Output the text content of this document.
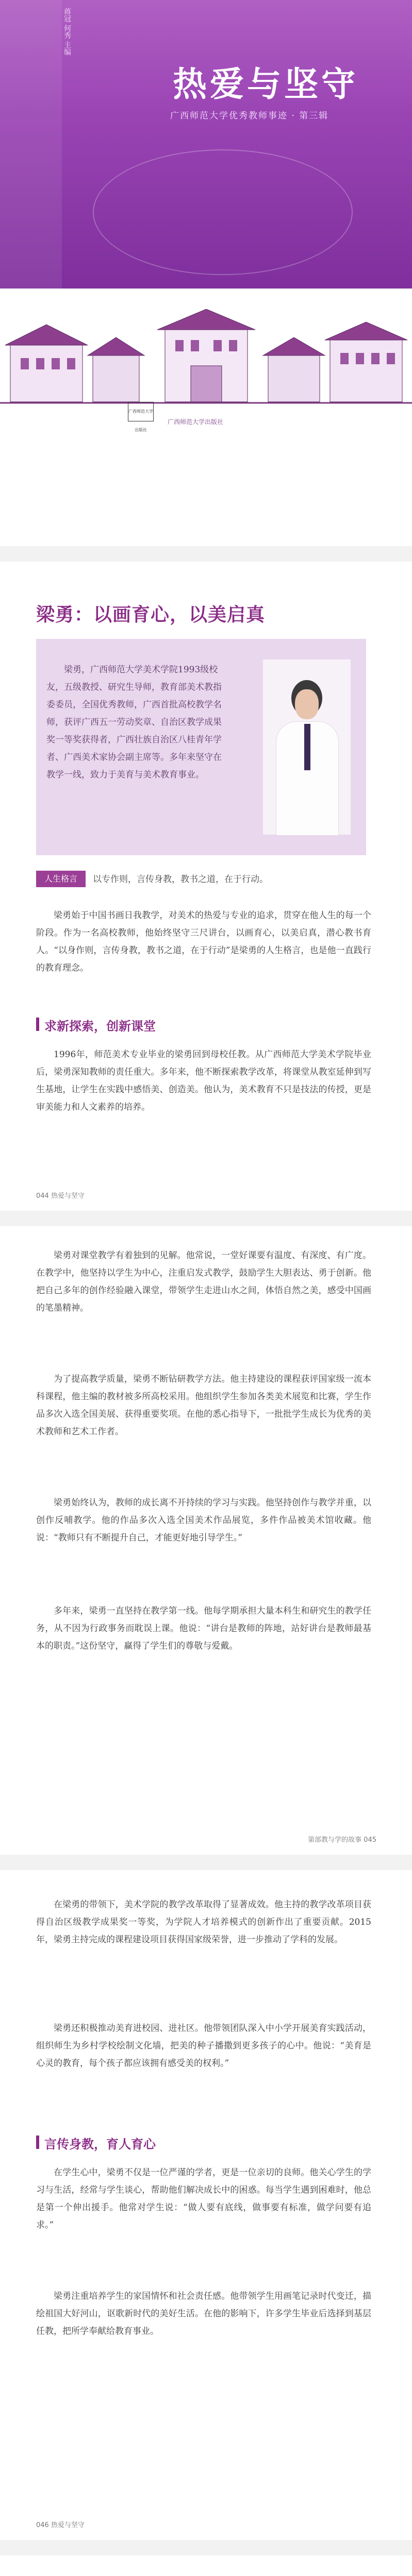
蒋冠 何秀 主编
热爱与坚守
广西师范大学优秀教师事迹 · 第三辑
广西师范大学出版社
广西师范大学出版社
梁勇：以画育心，以美启真

梁勇，广西师范大学美术学院1993级校友，五级教授、研究生导师，教育部美术教指委委员，全国优秀教师，广西首批高校教学名师，获评广西五一劳动奖章、自治区教学成果奖一等奖获得者，广西壮族自治区八桂青年学者、广西美术家协会副主席等。多年来坚守在教学一线，致力于美育与美术教育事业。

人生格言	以专作则，言传身教，教书之道，在于行动。

梁勇始于中国书画日我教学，对美术的热爱与专业的追求，贯穿在他人生的每一个阶段。作为一名高校教师，他始终坚守三尺讲台，以画育心，以美启真，潜心教书育人。“以身作则，言传身教，教书之道，在于行动”是梁勇的人生格言，也是他一直践行的教育理念。

求新探索，创新课堂

1996年，师范美术专业毕业的梁勇回到母校任教。从广西师范大学美术学院毕业后，梁勇深知教师的责任重大。多年来，他不断探索教学改革，将课堂从教室延伸到写生基地，让学生在实践中感悟美、创造美。他认为，美术教育不只是技法的传授，更是审美能力和人文素养的培养。

044 热爱与坚守

梁勇对课堂教学有着独到的见解。他常说，一堂好课要有温度、有深度、有广度。在教学中，他坚持以学生为中心，注重启发式教学，鼓励学生大胆表达、勇于创新。他把自己多年的创作经验融入课堂，带领学生走进山水之间，体悟自然之美，感受中国画的笔墨精神。

为了提高教学质量，梁勇不断钻研教学方法。他主持建设的课程获评国家级一流本科课程，他主编的教材被多所高校采用。他组织学生参加各类美术展览和比赛，学生作品多次入选全国美展、获得重要奖项。在他的悉心指导下，一批批学生成长为优秀的美术教师和艺术工作者。

梁勇始终认为，教师的成长离不开持续的学习与实践。他坚持创作与教学并重，以创作反哺教学。他的作品多次入选全国美术作品展览，多件作品被美术馆收藏。他说：“教师只有不断提升自己，才能更好地引导学生。”

多年来，梁勇一直坚持在教学第一线。他每学期承担大量本科生和研究生的教学任务，从不因为行政事务而耽误上课。他说：“讲台是教师的阵地，站好讲台是教师最基本的职责。”这份坚守，赢得了学生们的尊敬与爱戴。

第部教与学的故事 045

在梁勇的带领下，美术学院的教学改革取得了显著成效。他主持的教学改革项目获得自治区级教学成果奖一等奖，为学院人才培养模式的创新作出了重要贡献。2015年，梁勇主持完成的课程建设项目获得国家级荣誉，进一步推动了学科的发展。

梁勇还积极推动美育进校园、进社区。他带领团队深入中小学开展美育实践活动，组织师生为乡村学校绘制文化墙，把美的种子播撒到更多孩子的心中。他说：“美育是心灵的教育，每个孩子都应该拥有感受美的权利。”

言传身教，育人育心

在学生心中，梁勇不仅是一位严谨的学者，更是一位亲切的良师。他关心学生的学习与生活，经常与学生谈心，帮助他们解决成长中的困惑。每当学生遇到困难时，他总是第一个伸出援手。他常对学生说：“做人要有底线，做事要有标准，做学问要有追求。”

梁勇注重培养学生的家国情怀和社会责任感。他带领学生用画笔记录时代变迁，描绘祖国大好河山，讴歌新时代的美好生活。在他的影响下，许多学生毕业后选择到基层任教，把所学奉献给教育事业。

046 热爱与坚守
